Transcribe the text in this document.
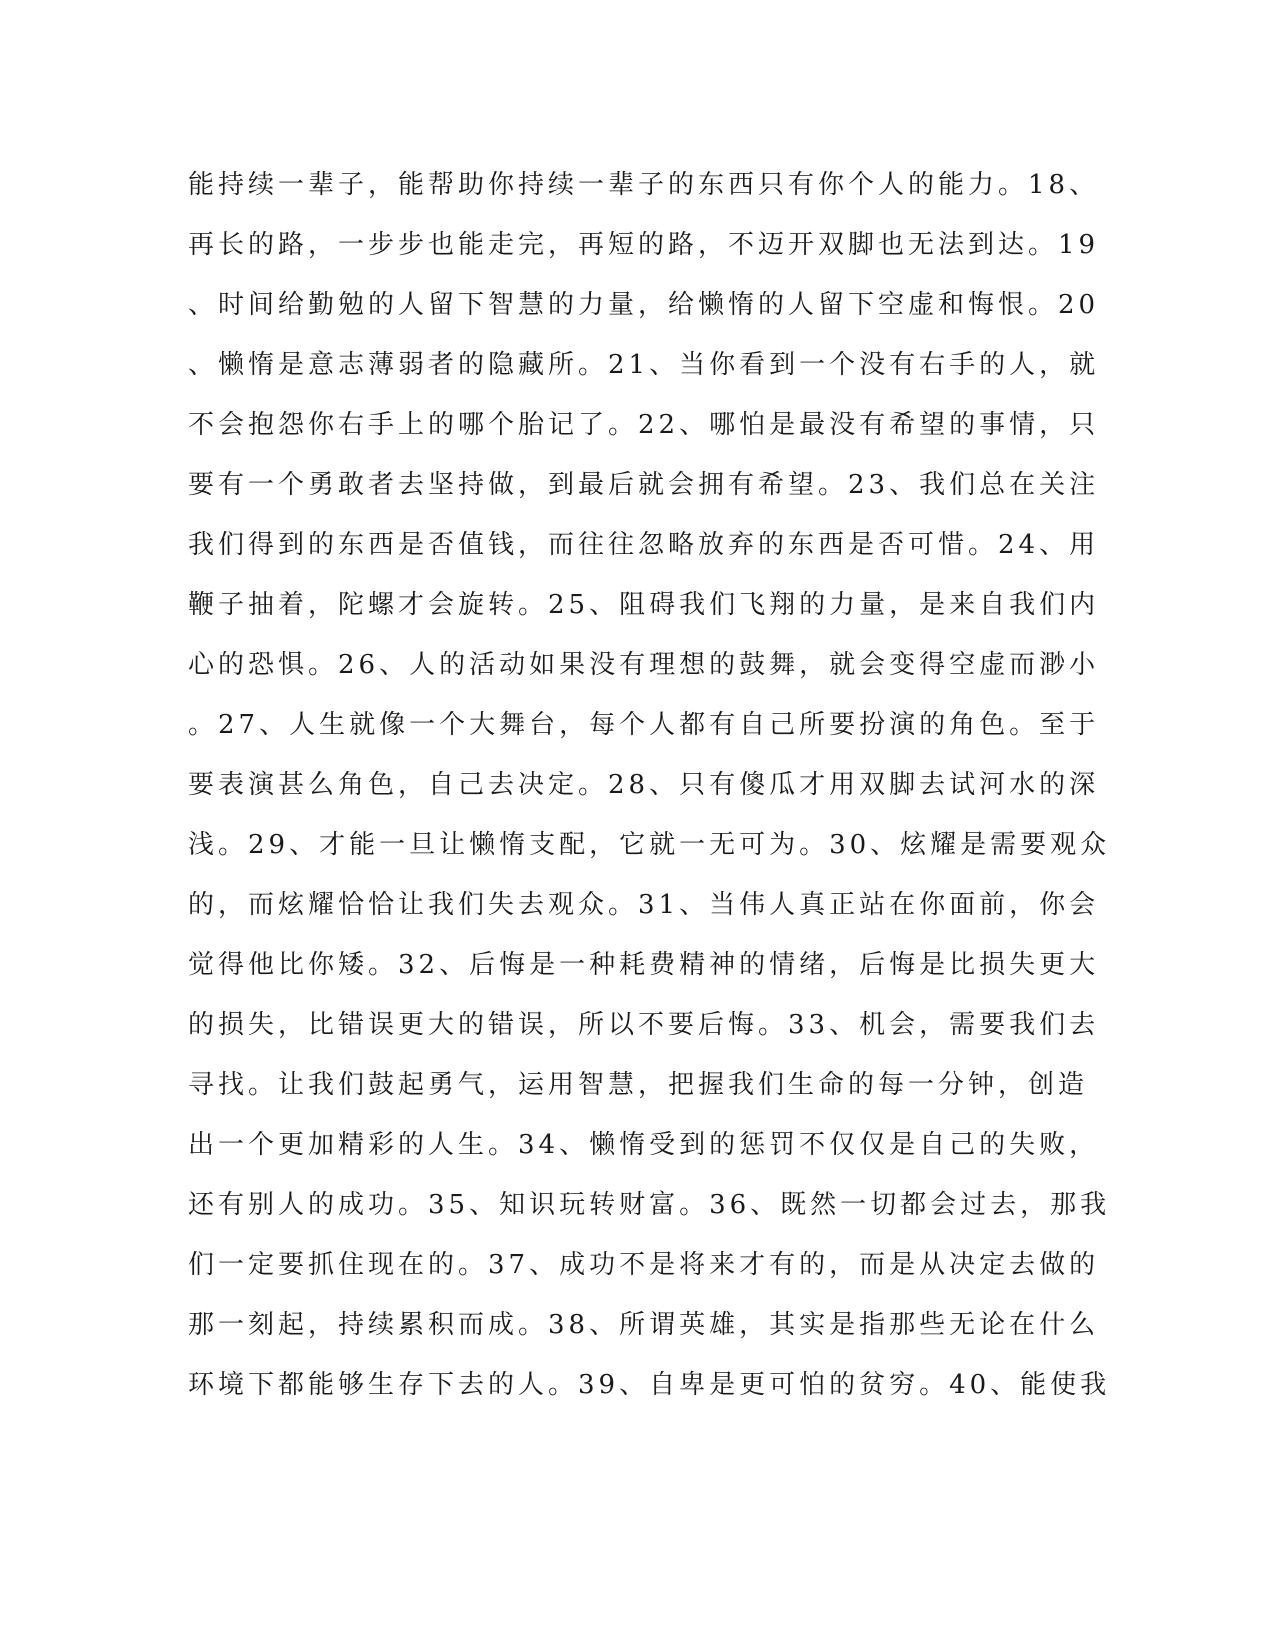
能持续一辈子，能帮助你持续一辈子的东西只有你个人的能力。18、
再长的路，一步步也能走完，再短的路，不迈开双脚也无法到达。19
、时间给勤勉的人留下智慧的力量，给懒惰的人留下空虚和悔恨。20
、懒惰是意志薄弱者的隐藏所。21、当你看到一个没有右手的人，就
不会抱怨你右手上的哪个胎记了。22、哪怕是最没有希望的事情，只
要有一个勇敢者去坚持做，到最后就会拥有希望。23、我们总在关注
我们得到的东西是否值钱，而往往忽略放弃的东西是否可惜。24、用
鞭子抽着，陀螺才会旋转。25、阻碍我们飞翔的力量，是来自我们内
心的恐惧。26、人的活动如果没有理想的鼓舞，就会变得空虚而渺小
。27、人生就像一个大舞台，每个人都有自己所要扮演的角色。至于
要表演甚么角色，自己去决定。28、只有傻瓜才用双脚去试河水的深
浅。29、才能一旦让懒惰支配，它就一无可为。30、炫耀是需要观众
的，而炫耀恰恰让我们失去观众。31、当伟人真正站在你面前，你会
觉得他比你矮。32、后悔是一种耗费精神的情绪，后悔是比损失更大
的损失，比错误更大的错误，所以不要后悔。33、机会，需要我们去
寻找。让我们鼓起勇气，运用智慧，把握我们生命的每一分钟，创造
出一个更加精彩的人生。34、懒惰受到的惩罚不仅仅是自己的失败，
还有别人的成功。35、知识玩转财富。36、既然一切都会过去，那我
们一定要抓住现在的。37、成功不是将来才有的，而是从决定去做的
那一刻起，持续累积而成。38、所谓英雄，其实是指那些无论在什么
环境下都能够生存下去的人。39、自卑是更可怕的贫穷。40、能使我
